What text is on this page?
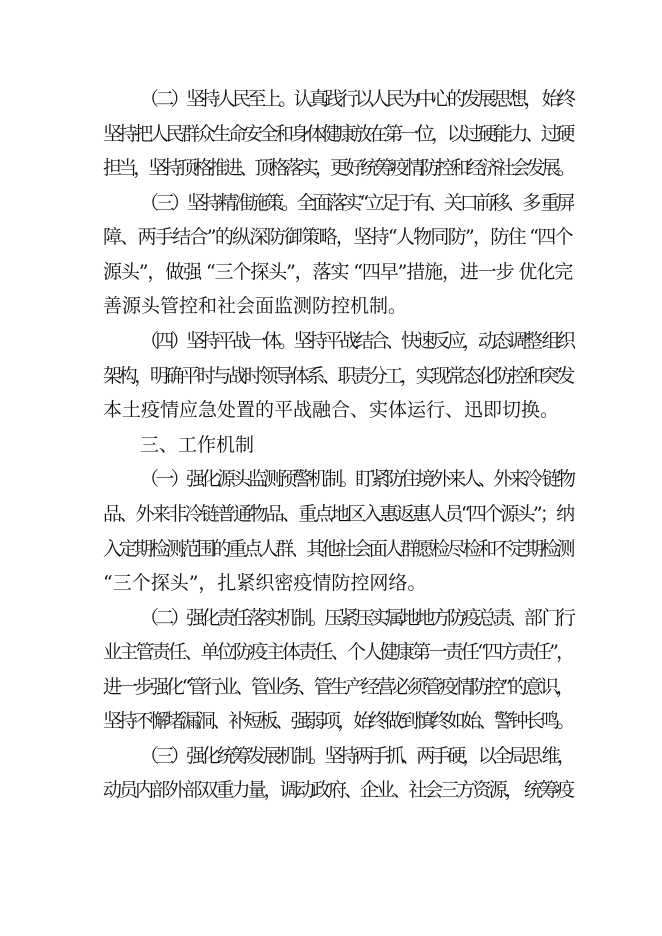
（二）坚持人民至上。认真践行以人民为中心的发展思想， 始终
坚持把人民群众生命安全和身体健康放在第一位，以过硬能力、过硬
担当，坚持顶格推进、顶格落实，更好统筹疫情防控和经济社会发展。
（三）坚持精准施策。全面落实“立足于有、关口前移、多 重屏
障、两手结合”的纵深防御策略，坚持“人物同防”，防住 “四个
源头”，做强 “三个探头”，落实 “四早”措施，进一步 优化完
善源头管控和社会面监测防控机制。
（四）坚持平战一体。坚持平战结合、快速反应，动态调整 组织
架构，明确平时与战时领导体系、职责分工，实现常态化防控和突发
本土疫情应急处置的平战融合、实体运行、迅即切换。
三、工作机制
（一）强化源头监测预警机制。盯紧防住境外来人、外来冷 链物
品、外来非冷链普通物品、重点地区入惠返惠人员“四个源头”；纳
入定期检测范围的重点人群、其他社会面人群愿检尽检和不定期检测
“三个探头”，扎紧织密疫情防控网络。
（二）强化责任落实机制。压紧压实属地地方防疫总责、部 门行
业主管责任、单位防疫主体责任、个人健康第一责任“四方责任”，
进一步强化“管行业、管业务、管生产经营必须管疫情防控”的意识，
坚持不懈堵漏洞、补短板、强弱项，始终做到慎终如始、警钟长鸣。
（三）强化统筹发展机制。坚持两手抓、两手硬，以全局思 维，
动员内部外部双重力量，调动政府、企业、社会三方资源， 统筹疫
